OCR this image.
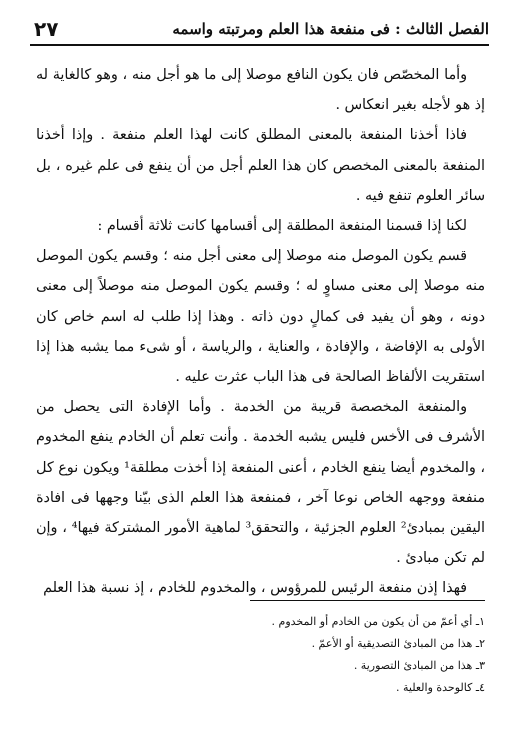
الفصل الثالث : فى منفعة هذا العلم ومرتبته واسمه
٢٧

وأما المخصّص فان يكون النافع موصلا إلى ما هو أجل منه ، وهو كالغاية له إذ هو لأجله بغير انعكاس .

فاذا أخذنا المنفعة بالمعنى المطلق كانت لهذا العلم منفعة . وإذا أخذنا المنفعة بالمعنى المخصص كان هذا العلم أجل من أن ينفع فى علم غيره ، بل سائر العلوم تنفع فيه .

لكنا إذا قسمنا المنفعة المطلقة إلى أقسامها كانت ثلاثة أقسام :

قسم يكون الموصل منه موصلا إلى معنى أجل منه ؛ وقسم يكون الموصل منه موصلا إلى معنى مساوٍ له ؛ وقسم يكون الموصل منه موصلاً إلى معنى دونه ، وهو أن يفيد فى كمالٍ دون ذاته . وهذا إذا طلب له اسم خاص كان الأولى به الإفاضة ، والإفادة ، والعناية ، والرياسة ، أو شىء مما يشبه هذا إذا استقريت الألفاظ الصالحة فى هذا الباب عثرت عليه .

والمنفعة المخصصة قريبة من الخدمة . وأما الإفادة التى يحصل من الأشرف فى الأخس فليس يشبه الخدمة . وأنت تعلم أن الخادم ينفع المخدوم ، والمخدوم أيضا ينفع الخادم ، أعنى المنفعة إذا أخذت مطلقة¹ ويكون نوع كل منفعة ووجهه الخاص نوعا آخر ، فمنفعة هذا العلم الذى بيّنا وجهها فى افادة اليقين بمبادئ² العلوم الجزئية ، والتحقق³ لماهية الأمور المشتركة فيها⁴ ، وإن لم تكن مبادئ .

فهذا إذن منفعة الرئيس للمرؤوس ، والمخدوم للخادم ، إذ نسبة هذا العلم

١ـ أي أعمّ من أن يكون من الخادم أو المخدوم .

٢ـ هذا من المبادئ التصديقية أو الأعمّ .

٣ـ هذا من المبادئ التصورية .

٤ـ كالوحدة والعلية .
